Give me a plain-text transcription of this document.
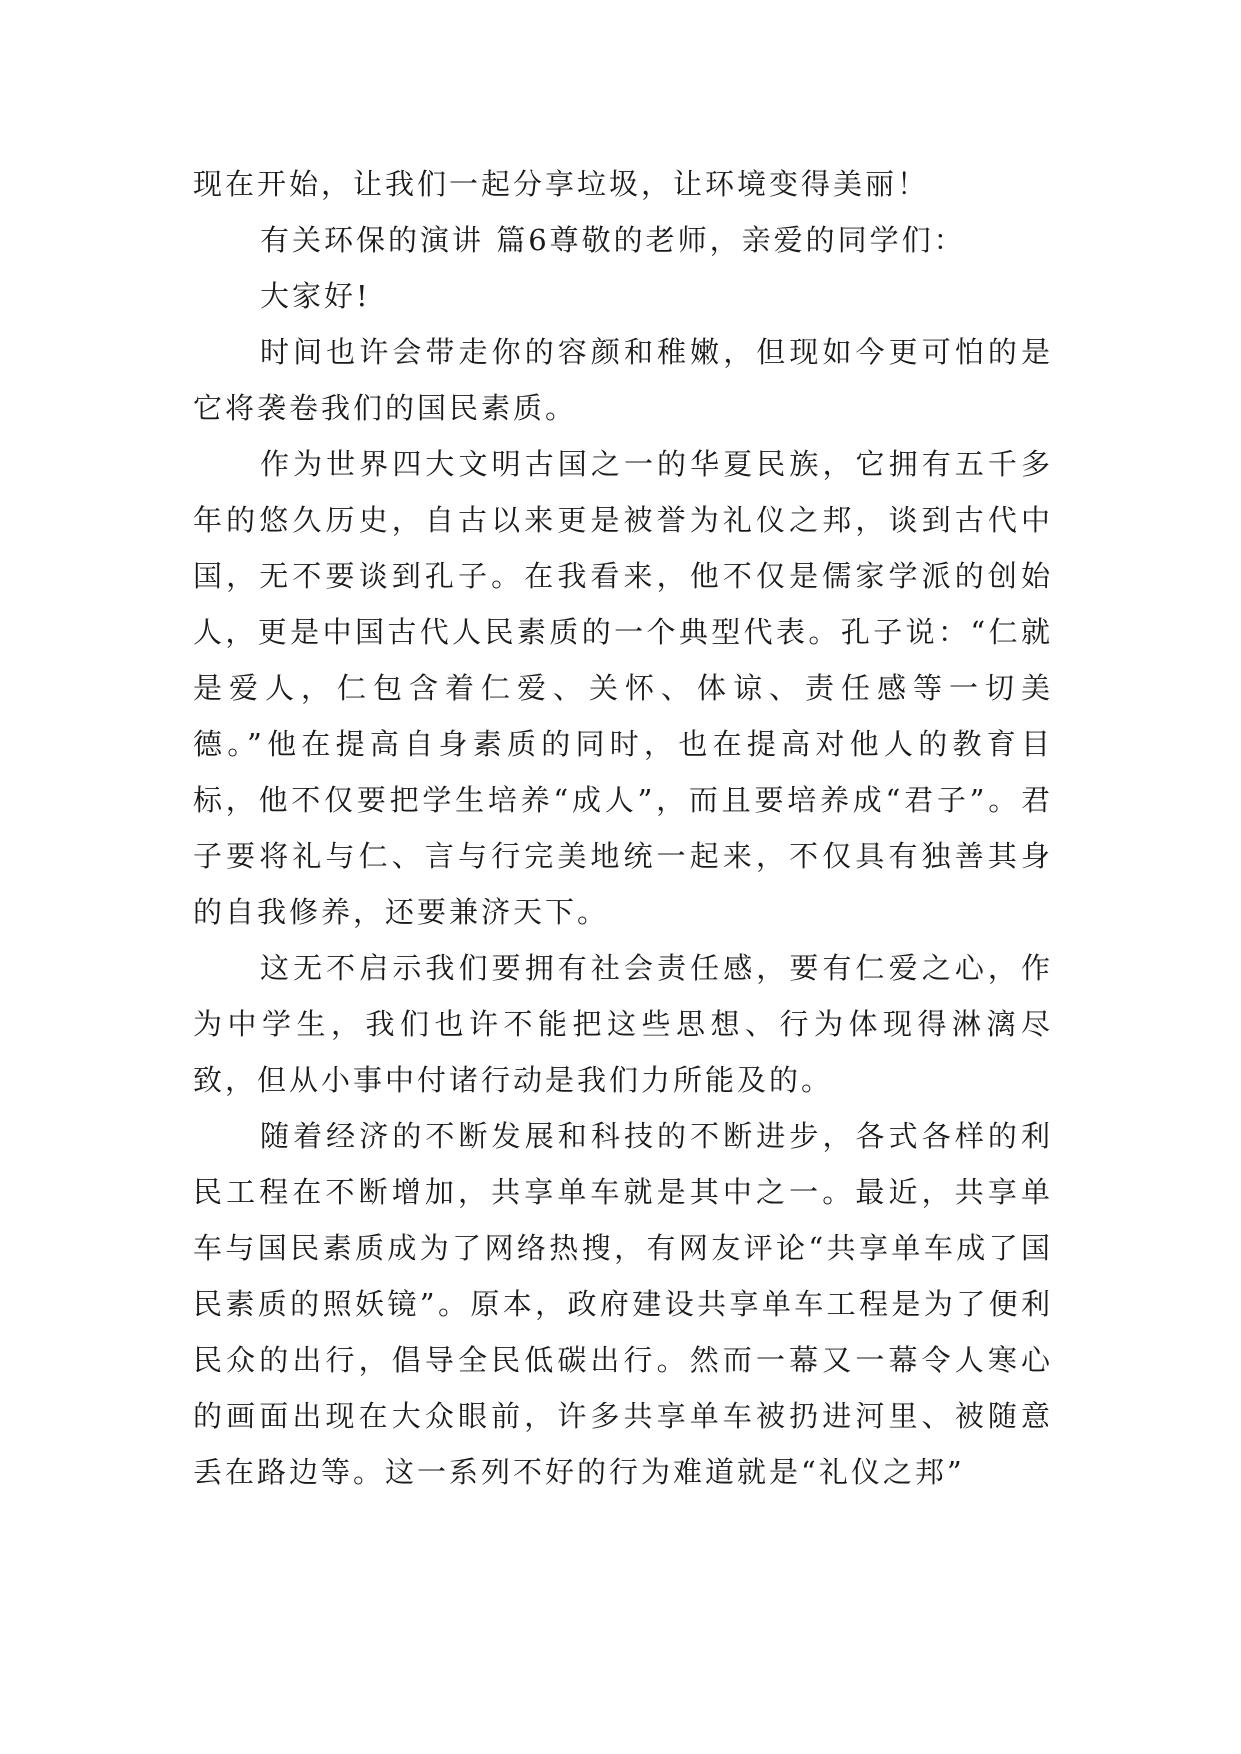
现在开始，让我们一起分享垃圾，让环境变得美丽！

有关环保的演讲 篇6尊敬的老师，亲爱的同学们：

大家好!

时间也许会带走你的容颜和稚嫩，但现如今更可怕的是它将袭卷我们的国民素质。

作为世界四大文明古国之一的华夏民族，它拥有五千多年的悠久历史，自古以来更是被誉为礼仪之邦，谈到古代中国，无不要谈到孔子。在我看来，他不仅是儒家学派的创始人，更是中国古代人民素质的一个典型代表。孔子说：“仁就是爱人，仁包含着仁爱、关怀、体谅、责任感等一切美德。”他在提高自身素质的同时，也在提高对他人的教育目标，他不仅要把学生培养“成人”，而且要培养成“君子”。君子要将礼与仁、言与行完美地统一起来，不仅具有独善其身的自我修养，还要兼济天下。

这无不启示我们要拥有社会责任感，要有仁爱之心，作为中学生，我们也许不能把这些思想、行为体现得淋漓尽致，但从小事中付诸行动是我们力所能及的。

随着经济的不断发展和科技的不断进步，各式各样的利民工程在不断增加，共享单车就是其中之一。最近，共享单车与国民素质成为了网络热搜，有网友评论“共享单车成了国民素质的照妖镜”。原本，政府建设共享单车工程是为了便利民众的出行，倡导全民低碳出行。然而一幕又一幕令人寒心的画面出现在大众眼前，许多共享单车被扔进河里、被随意丢在路边等。这一系列不好的行为难道就是“礼仪之邦”
